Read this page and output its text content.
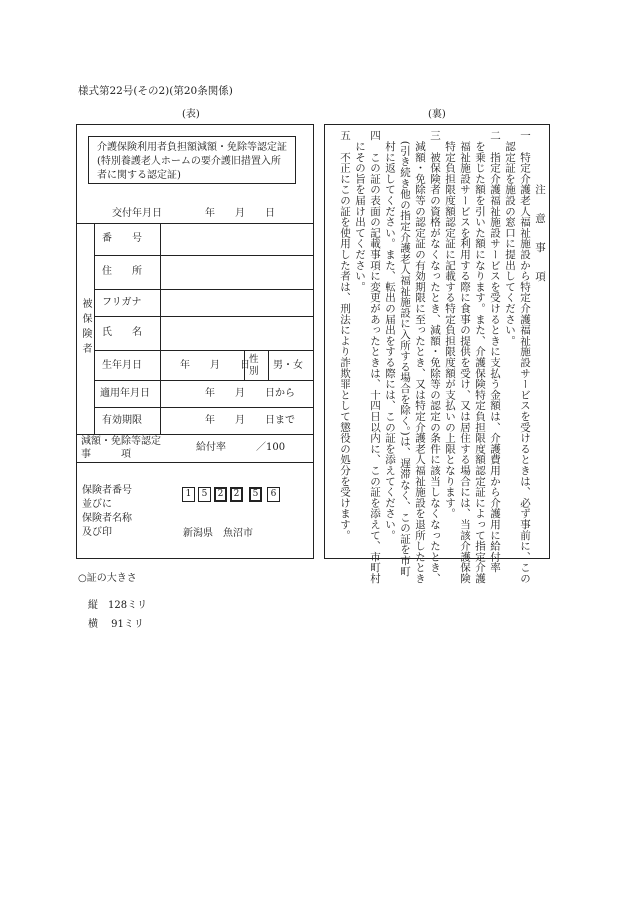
様式第22号(その2)(第20条関係)
(表)	(裏)
介護保険利用者負担額減額・免除等認定証
(特別養護老人ホームの要介護旧措置入所
者に関する認定証)
交付年月日	年　　月　　日
被保険者
番　　号
住　　所
フリガナ
氏　　名
生年月日	年　　月　　日
性別
男・女
適用年月日	年　　月　　日から
有効期限	年　　月　　日まで
減額・免除等認定
事　　　項
給付率　　　／100
保険者番号
並びに
保険者名称
及び印
1	5	2	2	5	6
新潟県　魚沼市
注　意　事　項
一　特定介護老人福祉施設から特定介護福祉施設サービスを受けるときは、必ず事前に、この
　認定証を施設の窓口に提出してください。
二　指定介護福祉施設サービスを受けるときに支払う金額は、介護費用から介護用に給付率
　を乗じた額を引いた額になります。また、介護保険特定負担限度額認定証によって指定介護
　福祉施設サービスを利用する際に食事の提供を受け、又は居住する場合には、当該介護保険
　特定負担限度額認定証に記載する特定負担限度額が支払いの上限となります。
三　被保険者の資格がなくなったとき、減額・免除等の認定の条件に該当しなくなったとき、
　減額・免除等の認定証の有効期限に至ったとき、又は特定介護老人福祉施設を退所したとき
　(引き続き他の指定介護老人福祉施設に入所する場合を除く。)は、遅滞なく、この証を市町
　村に返してください。また、転出の届出をする際には、この証を添えてください。
四　この証の表面の記載事項に変更があったときは、十四日以内に、この証を添えて、市町村
　にその旨を届け出てください。
五　不正にこの証を使用した者は、刑法により詐欺罪として懲役の処分を受けます。
○証の大きさ
縦　128ミリ
横　 91ミリ
